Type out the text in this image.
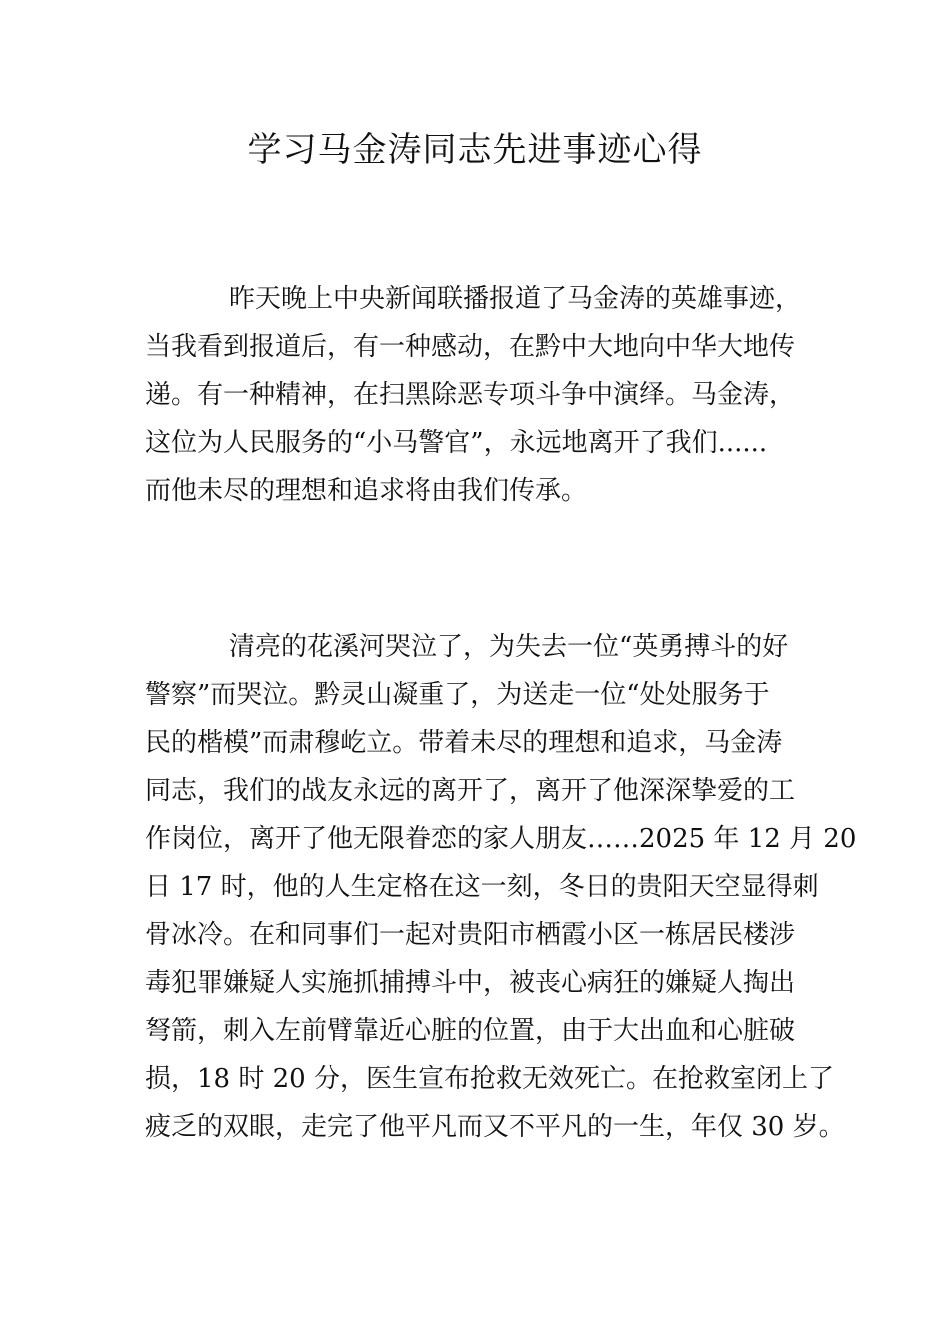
学习马金涛同志先进事迹心得
昨天晚上中央新闻联播报道了马金涛的英雄事迹，
当我看到报道后，有一种感动，在黔中大地向中华大地传
递。有一种精神，在扫黑除恶专项斗争中演绎。马金涛，
这位为人民服务的“小马警官”，永远地离开了我们......
而他未尽的理想和追求将由我们传承。
清亮的花溪河哭泣了，为失去一位“英勇搏斗的好
警察”而哭泣。黔灵山凝重了，为送走一位“处处服务于
民的楷模”而肃穆屹立。带着未尽的理想和追求，马金涛
同志，我们的战友永远的离开了，离开了他深深挚爱的工
作岗位，离开了他无限眷恋的家人朋友……2025 年 12 月 20
日 17 时，他的人生定格在这一刻，冬日的贵阳天空显得刺
骨冰冷。在和同事们一起对贵阳市栖霞小区一栋居民楼涉
毒犯罪嫌疑人实施抓捕搏斗中，被丧心病狂的嫌疑人掏出
弩箭，刺入左前臂靠近心脏的位置，由于大出血和心脏破
损，18 时 20 分，医生宣布抢救无效死亡。在抢救室闭上了
疲乏的双眼，走完了他平凡而又不平凡的一生，年仅 30 岁。
